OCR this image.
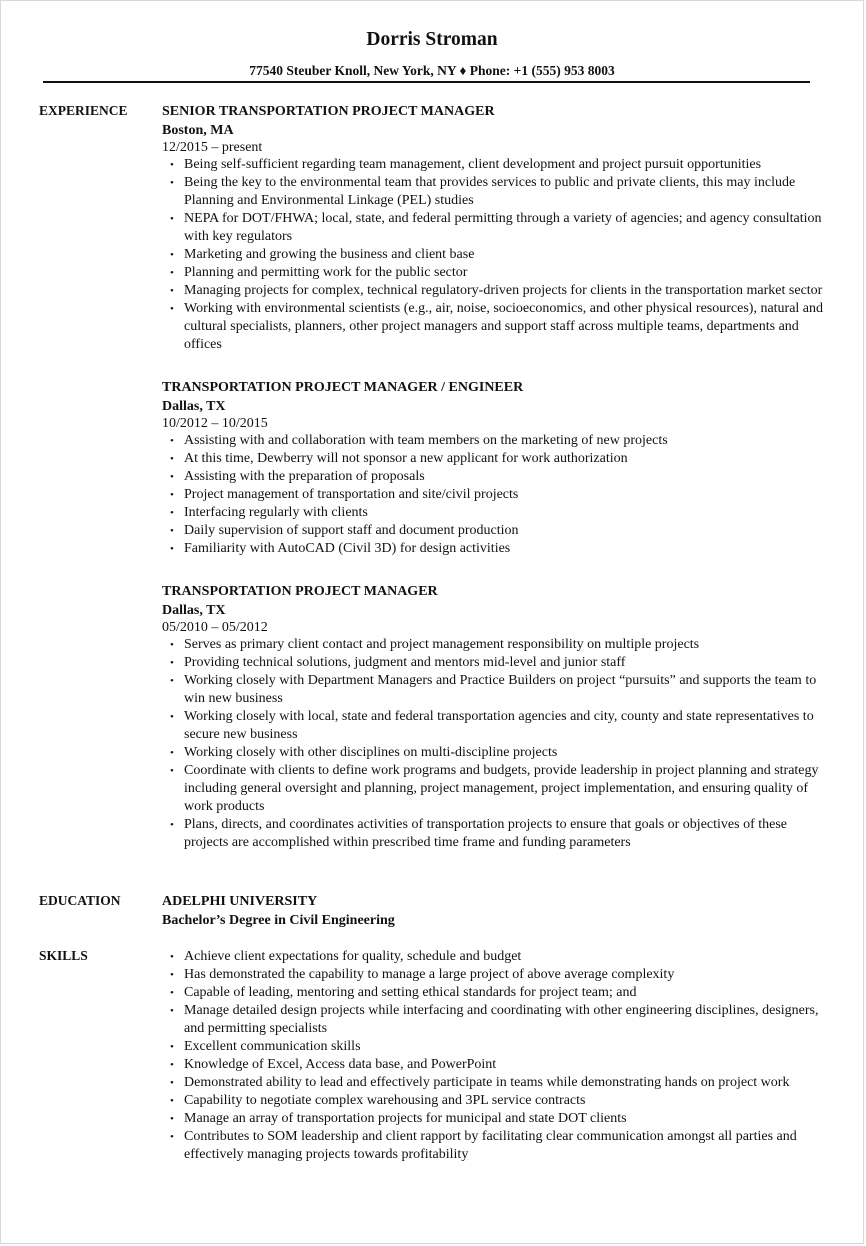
Dorris Stroman
77540 Steuber Knoll, New York, NY ♦ Phone: +1 (555) 953 8003
EXPERIENCE SENIOR TRANSPORTATION PROJECT MANAGER
Boston, MA
12/2015 – present
• Being self-sufficient regarding team management, client development and project pursuit opportunities
• Being the key to the environmental team that provides services to public and private clients, this may include Planning and Environmental Linkage (PEL) studies
• NEPA for DOT/FHWA; local, state, and federal permitting through a variety of agencies; and agency consultation with key regulators
• Marketing and growing the business and client base
• Planning and permitting work for the public sector
• Managing projects for complex, technical regulatory-driven projects for clients in the transportation market sector
• Working with environmental scientists (e.g., air, noise, socioeconomics, and other physical resources), natural and cultural specialists, planners, other project managers and support staff across multiple teams, departments and offices
TRANSPORTATION PROJECT MANAGER / ENGINEER
Dallas, TX
10/2012 – 10/2015
• Assisting with and collaboration with team members on the marketing of new projects
• At this time, Dewberry will not sponsor a new applicant for work authorization
• Assisting with the preparation of proposals
• Project management of transportation and site/civil projects
• Interfacing regularly with clients
• Daily supervision of support staff and document production
• Familiarity with AutoCAD (Civil 3D) for design activities
TRANSPORTATION PROJECT MANAGER
Dallas, TX
05/2010 – 05/2012
• Serves as primary client contact and project management responsibility on multiple projects
• Providing technical solutions, judgment and mentors mid-level and junior staff
• Working closely with Department Managers and Practice Builders on project “pursuits” and supports the team to win new business
• Working closely with local, state and federal transportation agencies and city, county and state representatives to secure new business
• Working closely with other disciplines on multi-discipline projects
• Coordinate with clients to define work programs and budgets, provide leadership in project planning and strategy including general oversight and planning, project management, project implementation, and ensuring quality of work products
• Plans, directs, and coordinates activities of transportation projects to ensure that goals or objectives of these projects are accomplished within prescribed time frame and funding parameters
EDUCATION	ADELPHI UNIVERSITY
Bachelor’s Degree in Civil Engineering
SKILLS
•	Achieve client expectations for quality, schedule and budget
• Has demonstrated the capability to manage a large project of above average complexity
• Capable of leading, mentoring and setting ethical standards for project team; and
• Manage detailed design projects while interfacing and coordinating with other engineering disciplines, designers, and permitting specialists
• Excellent communication skills
• Knowledge of Excel, Access data base, and PowerPoint
• Demonstrated ability to lead and effectively participate in teams while demonstrating hands on project work
• Capability to negotiate complex warehousing and 3PL service contracts
• Manage an array of transportation projects for municipal and state DOT clients
• Contributes to SOM leadership and client rapport by facilitating clear communication amongst all parties and effectively managing projects towards profitability
